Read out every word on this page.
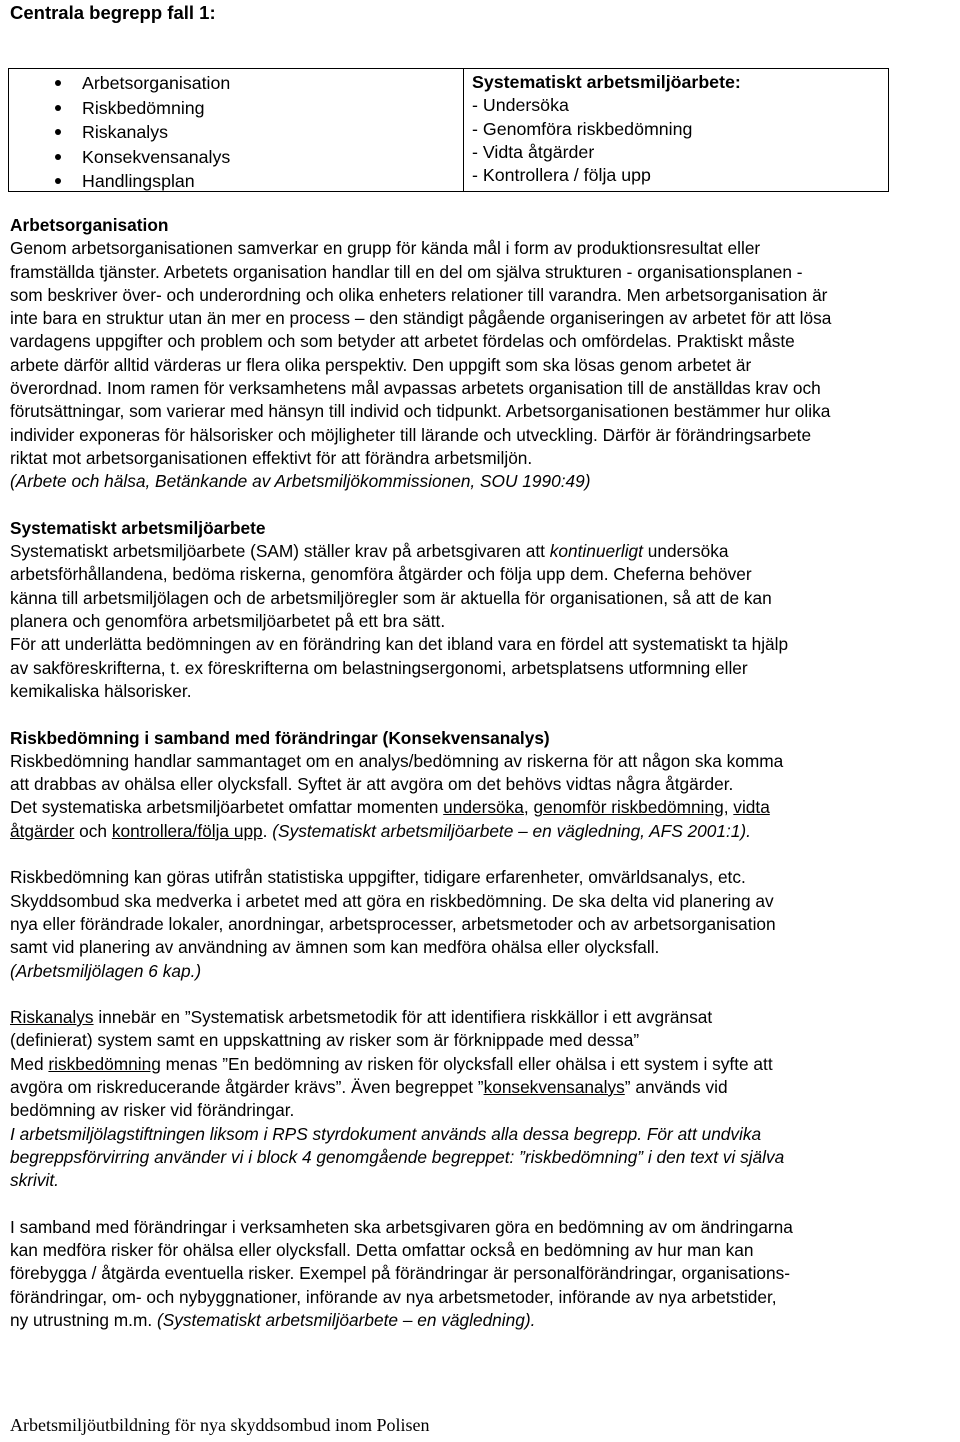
Centrala begrepp fall 1:
Arbetsorganisation
Riskbedömning
Riskanalys
Konsekvensanalys
Handlingsplan
Systematiskt arbetsmiljöarbete:
- Undersöka
- Genomföra riskbedömning
- Vidta åtgärder
- Kontrollera / följa upp

Arbetsorganisation

Genom arbetsorganisationen samverkar en grupp för kända mål i form av produktionsresultat eller

framställda tjänster. Arbetets organisation handlar till en del om själva strukturen - organisationsplanen -

som beskriver över- och underordning och olika enheters relationer till varandra. Men arbetsorganisation är

inte bara en struktur utan än mer en process – den ständigt pågående organiseringen av arbetet för att lösa

vardagens uppgifter och problem och som betyder att arbetet fördelas och omfördelas. Praktiskt måste

arbete därför alltid värderas ur flera olika perspektiv. Den uppgift som ska lösas genom arbetet är

överordnad. Inom ramen för verksamhetens mål avpassas arbetets organisation till de anställdas krav och

förutsättningar, som varierar med hänsyn till individ och tidpunkt. Arbetsorganisationen bestämmer hur olika

individer exponeras för hälsorisker och möjligheter till lärande och utveckling. Därför är förändringsarbete

riktat mot arbetsorganisationen effektivt för att förändra arbetsmiljön.

(Arbete och hälsa, Betänkande av Arbetsmiljökommissionen, SOU 1990:49)

Systematiskt arbetsmiljöarbete

Systematiskt arbetsmiljöarbete (SAM) ställer krav på arbetsgivaren att kontinuerligt undersöka

arbetsförhållandena, bedöma riskerna, genomföra åtgärder och följa upp dem. Cheferna behöver

känna till arbetsmiljölagen och de arbetsmiljöregler som är aktuella för organisationen, så att de kan

planera och genomföra arbetsmiljöarbetet på ett bra sätt.

För att underlätta bedömningen av en förändring kan det ibland vara en fördel att systematiskt ta hjälp

av sakföreskrifterna, t. ex föreskrifterna om belastningsergonomi, arbetsplatsens utformning eller

kemikaliska hälsorisker.

Riskbedömning i samband med förändringar (Konsekvensanalys)

Riskbedömning handlar sammantaget om en analys/bedömning av riskerna för att någon ska komma

att drabbas av ohälsa eller olycksfall. Syftet är att avgöra om det behövs vidtas några åtgärder.

Det systematiska arbetsmiljöarbetet omfattar momenten undersöka, genomför riskbedömning, vidta

åtgärder och kontrollera/följa upp. (Systematiskt arbetsmiljöarbete – en vägledning, AFS 2001:1).

Riskbedömning kan göras utifrån statistiska uppgifter, tidigare erfarenheter, omvärldsanalys, etc.

Skyddsombud ska medverka i arbetet med att göra en riskbedömning. De ska delta vid planering av

nya eller förändrade lokaler, anordningar, arbetsprocesser, arbetsmetoder och av arbetsorganisation

samt vid planering av användning av ämnen som kan medföra ohälsa eller olycksfall.

(Arbetsmiljölagen 6 kap.)

Riskanalys innebär en ”Systematisk arbetsmetodik för att identifiera riskkällor i ett avgränsat

(definierat) system samt en uppskattning av risker som är förknippade med dessa”

Med riskbedömning menas ”En bedömning av risken för olycksfall eller ohälsa i ett system i syfte att

avgöra om riskreducerande åtgärder krävs”. Även begreppet ”konsekvensanalys” används vid

bedömning av risker vid förändringar.

I arbetsmiljölagstiftningen liksom i RPS styrdokument används alla dessa begrepp. För att undvika

begreppsförvirring använder vi i block 4 genomgående begreppet: ”riskbedömning” i den text vi själva

skrivit.

I samband med förändringar i verksamheten ska arbetsgivaren göra en bedömning av om ändringarna

kan medföra risker för ohälsa eller olycksfall. Detta omfattar också en bedömning av hur man kan

förebygga / åtgärda eventuella risker. Exempel på förändringar är personalförändringar, organisations-

förändringar, om- och nybyggnationer, införande av nya arbetsmetoder, införande av nya arbetstider,

ny utrustning m.m. (Systematiskt arbetsmiljöarbete – en vägledning).

Arbetsmiljöutbildning för nya skyddsombud inom Polisen
